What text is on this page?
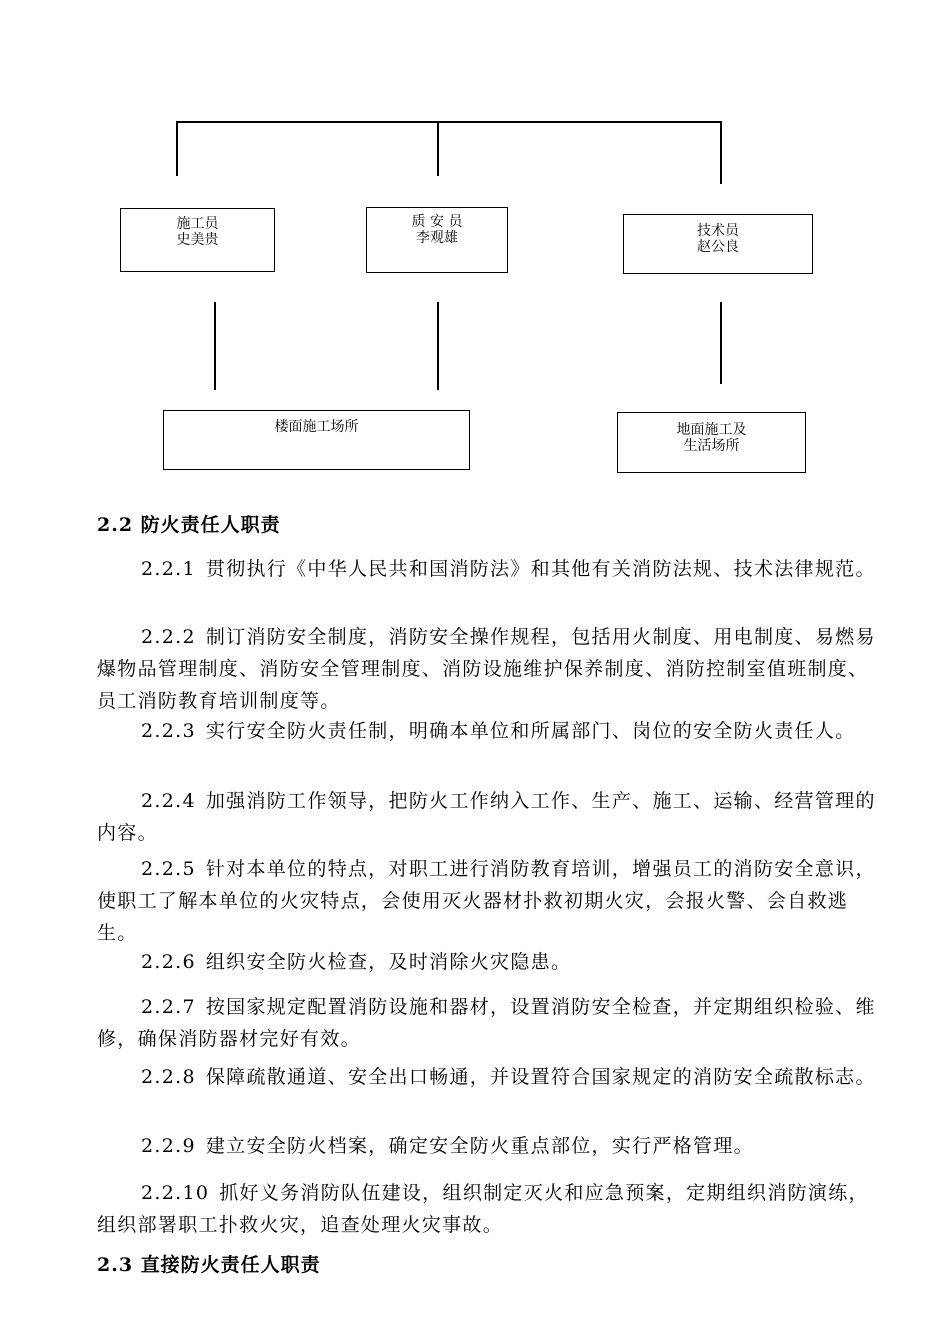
施工员
史美贵
质 安 员
李观雄	技术员
赵公良
楼面施工场所	地面施工及
生活场所
2.2 防火责任人职责

2.2.1 贯彻执行《中华人民共和国消防法》和其他有关消防法规、技术法律规范。

2.2.2 制订消防安全制度，消防安全操作规程，包括用火制度、用电制度、易燃易爆物品管理制度、消防安全管理制度、消防设施维护保养制度、消防控制室值班制度、员工消防教育培训制度等。

2.2.3 实行安全防火责任制，明确本单位和所属部门、岗位的安全防火责任人。

2.2.4 加强消防工作领导，把防火工作纳入工作、生产、施工、运输、经营管理的内容。

2.2.5 针对本单位的特点，对职工进行消防教育培训，增强员工的消防安全意识，使职工了解本单位的火灾特点，会使用灭火器材扑救初期火灾，会报火警、会自救逃生。

2.2.6 组织安全防火检查，及时消除火灾隐患。

2.2.7 按国家规定配置消防设施和器材，设置消防安全检查，并定期组织检验、维修，确保消防器材完好有效。

2.2.8 保障疏散通道、安全出口畅通，并设置符合国家规定的消防安全疏散标志。

2.2.9 建立安全防火档案，确定安全防火重点部位，实行严格管理。

2.2.10 抓好义务消防队伍建设，组织制定灭火和应急预案，定期组织消防演练，组织部署职工扑救火灾，追查处理火灾事故。

2.3 直接防火责任人职责
